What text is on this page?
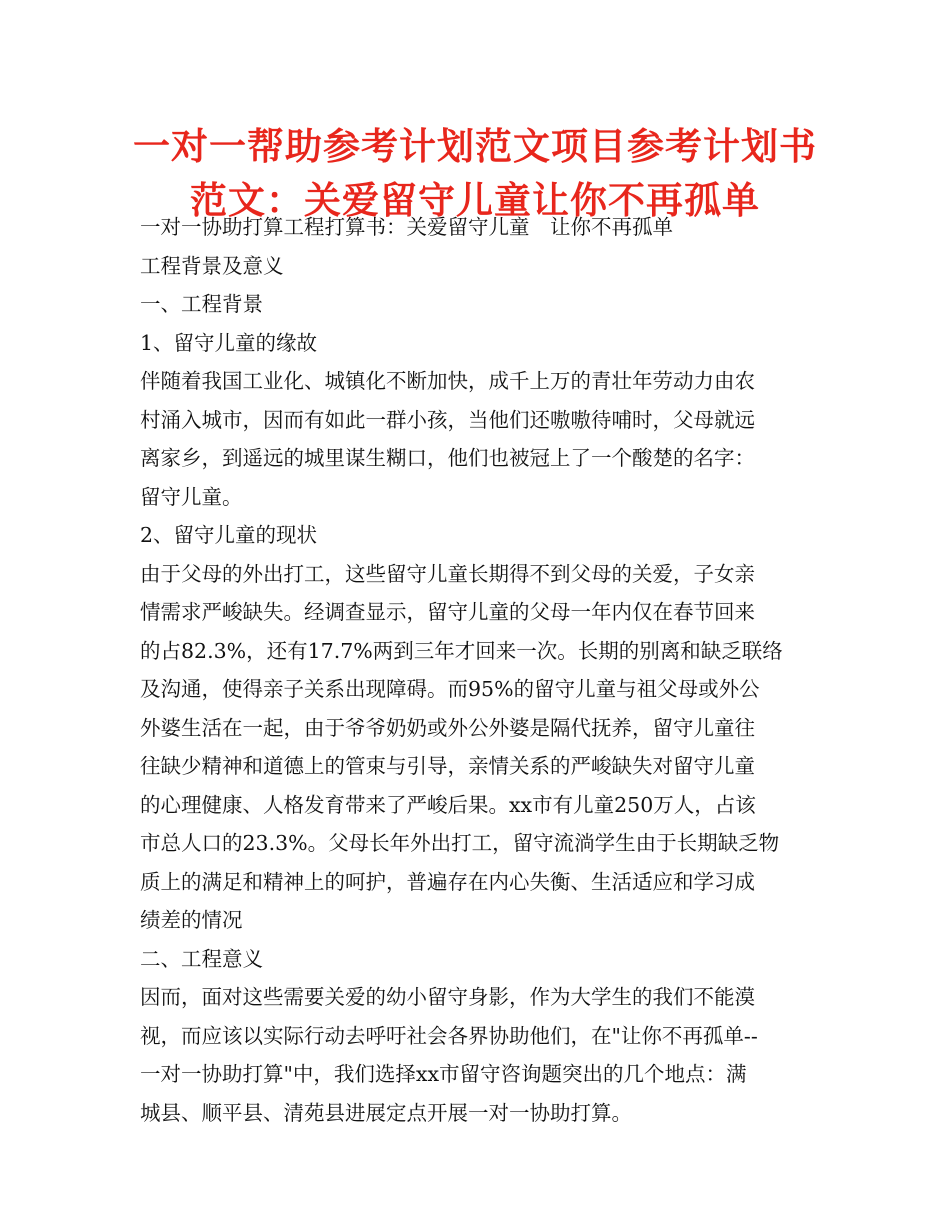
一对一帮助参考计划范文项目参考计划书
范文：关爱留守儿童让你不再孤单
一对一协助打算工程打算书：关爱留守儿童　让你不再孤单
工程背景及意义
一、工程背景
1、留守儿童的缘故
伴随着我国工业化、城镇化不断加快，成千上万的青壮年劳动力由农
村涌入城市，因而有如此一群小孩，当他们还嗷嗷待哺时，父母就远
离家乡，到遥远的城里谋生糊口，他们也被冠上了一个酸楚的名字：
留守儿童。
2、留守儿童的现状
由于父母的外出打工，这些留守儿童长期得不到父母的关爱，子女亲
情需求严峻缺失。经调查显示，留守儿童的父母一年内仅在春节回来
的占82.3%，还有17.7%两到三年才回来一次。长期的别离和缺乏联络
及沟通，使得亲子关系出现障碍。而95%的留守儿童与祖父母或外公
外婆生活在一起，由于爷爷奶奶或外公外婆是隔代抚养，留守儿童往
往缺少精神和道德上的管束与引导，亲情关系的严峻缺失对留守儿童
的心理健康、人格发育带来了严峻后果。xx市有儿童250万人，占该
市总人口的23.3%。父母长年外出打工，留守流淌学生由于长期缺乏物
质上的满足和精神上的呵护，普遍存在内心失衡、生活适应和学习成
绩差的情况
二、工程意义
因而，面对这些需要关爱的幼小留守身影，作为大学生的我们不能漠
视，而应该以实际行动去呼吁社会各界协助他们，在"让你不再孤单--
一对一协助打算"中，我们选择xx市留守咨询题突出的几个地点：满
城县、顺平县、清苑县进展定点开展一对一协助打算。
